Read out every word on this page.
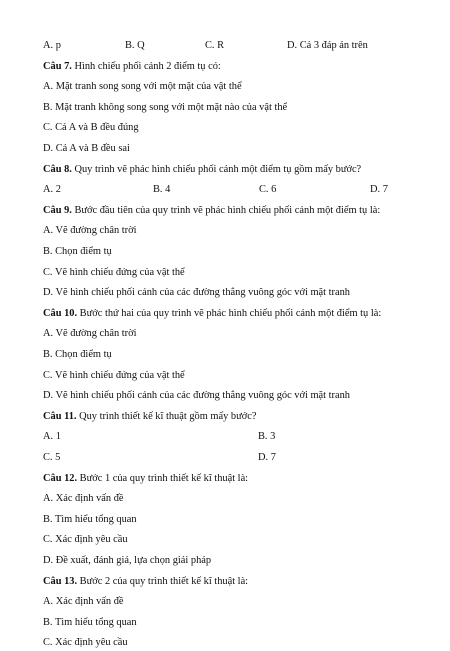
A. p	B. Q	C. R	D. Cả 3 đáp án trên
Câu 7. Hình chiếu phối cảnh 2 điểm tụ có:
A. Mặt tranh song song với một mặt của vật thể
B. Mặt tranh không song song với một mặt nào của vật thể
C. Cả A và B đều đúng
D. Cả A và B đều sai
Câu 8. Quy trình vẽ phác hình chiếu phối cảnh một điểm tụ gồm mấy bước?
A. 2	B. 4	C. 6	D. 7
Câu 9. Bước đầu tiên của quy trình vẽ phác hình chiếu phối cảnh một điểm tụ là:
A. Vẽ đường chân trời
B. Chọn điểm tụ
C. Vẽ hình chiếu đứng của vật thể
D. Vẽ hình chiếu phối cảnh của các đường thẳng vuông góc với mặt tranh
Câu 10. Bước thứ hai của quy trình vẽ phác hình chiếu phối cảnh một điểm tụ là:
A. Vẽ đường chân trời
B. Chọn điểm tụ
C. Vẽ hình chiếu đứng của vật thể
D. Vẽ hình chiếu phối cảnh của các đường thẳng vuông góc với mặt tranh
Câu 11. Quy trình thiết kế kĩ thuật gồm mấy bước?
A. 1	B. 3
C. 5	D. 7
Câu 12. Bước 1 của quy trình thiết kế kĩ thuật là:
A. Xác định vấn đề
B. Tìm hiểu tổng quan
C. Xác định yêu cầu
D. Đề xuất, đánh giá, lựa chọn giải pháp
Câu 13. Bước 2 của quy trình thiết kế kĩ thuật là:
A. Xác định vấn đề
B. Tìm hiểu tổng quan
C. Xác định yêu cầu
